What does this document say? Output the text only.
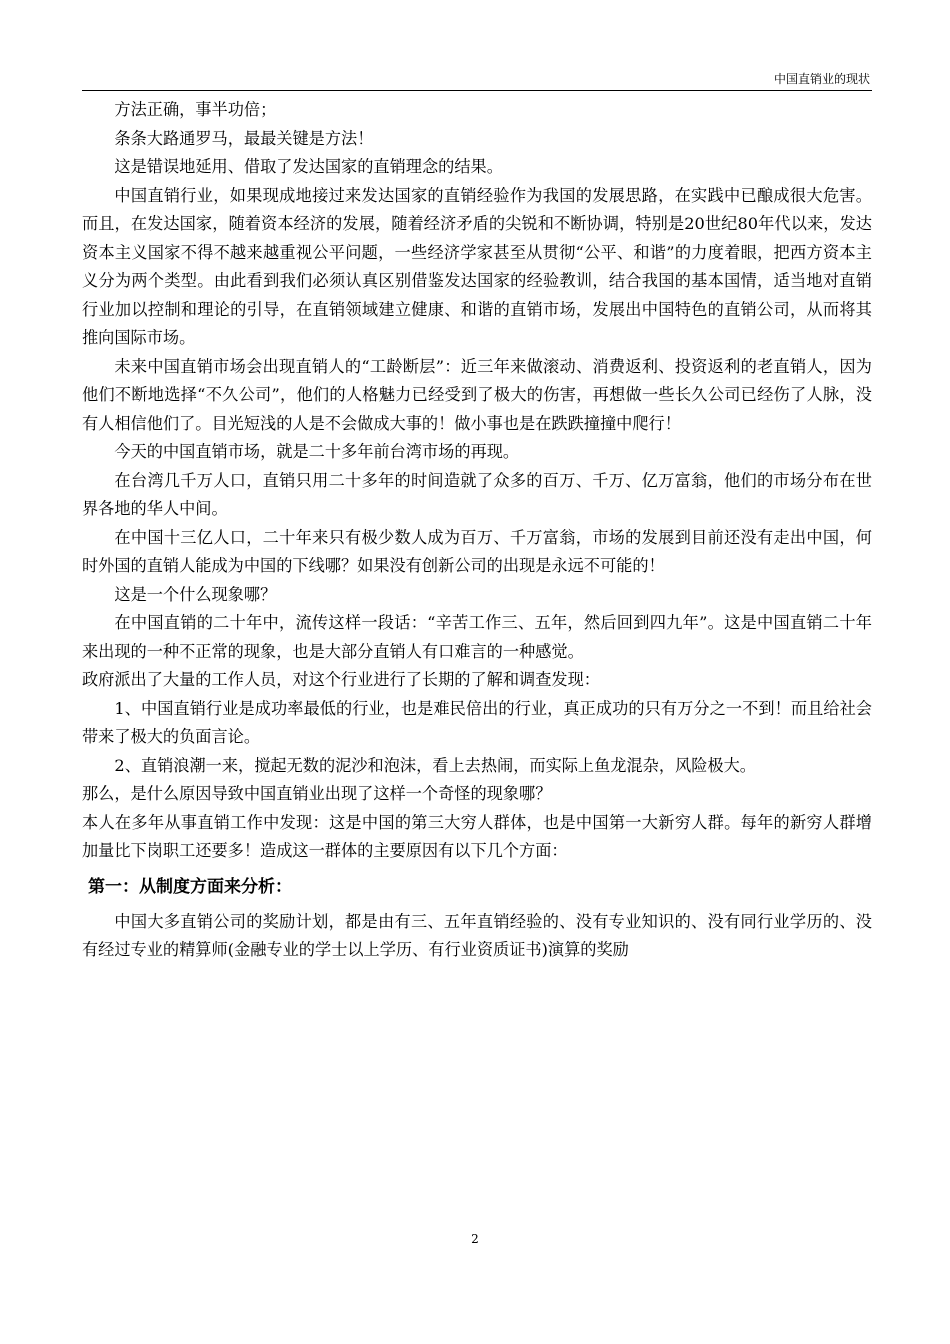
中国直销业的现状

方法正确，事半功倍；

条条大路通罗马，最最关键是方法！

这是错误地延用、借取了发达国家的直销理念的结果。

中国直销行业，如果现成地接过来发达国家的直销经验作为我国的发展思路，在实践中已酿成很大危害。而且，在发达国家，随着资本经济的发展，随着经济矛盾的尖锐和不断协调，特别是20世纪80年代以来，发达资本主义国家不得不越来越重视公平问题，一些经济学家甚至从贯彻“公平、和谐”的力度着眼，把西方资本主义分为两个类型。由此看到我们必须认真区别借鉴发达国家的经验教训，结合我国的基本国情，适当地对直销行业加以控制和理论的引导，在直销领域建立健康、和谐的直销市场，发展出中国特色的直销公司，从而将其推向国际市场。

未来中国直销市场会出现直销人的“工龄断层”：近三年来做滚动、消费返利、投资返利的老直销人，因为他们不断地选择“不久公司”，他们的人格魅力已经受到了极大的伤害，再想做一些长久公司已经伤了人脉，没有人相信他们了。目光短浅的人是不会做成大事的！做小事也是在跌跌撞撞中爬行！

今天的中国直销市场，就是二十多年前台湾市场的再现。

在台湾几千万人口，直销只用二十多年的时间造就了众多的百万、千万、亿万富翁，他们的市场分布在世界各地的华人中间。

在中国十三亿人口，二十年来只有极少数人成为百万、千万富翁，市场的发展到目前还没有走出中国，何时外国的直销人能成为中国的下线哪？如果没有创新公司的出现是永远不可能的！

这是一个什么现象哪？

在中国直销的二十年中，流传这样一段话：“辛苦工作三、五年，然后回到四九年”。这是中国直销二十年来出现的一种不正常的现象，也是大部分直销人有口难言的一种感觉。

政府派出了大量的工作人员，对这个行业进行了长期的了解和调查发现：

1、中国直销行业是成功率最低的行业，也是难民倍出的行业，真正成功的只有万分之一不到！而且给社会带来了极大的负面言论。

2、直销浪潮一来，搅起无数的泥沙和泡沫，看上去热闹，而实际上鱼龙混杂，风险极大。

那么，是什么原因导致中国直销业出现了这样一个奇怪的现象哪？

本人在多年从事直销工作中发现：这是中国的第三大穷人群体，也是中国第一大新穷人群。每年的新穷人群增加量比下岗职工还要多！造成这一群体的主要原因有以下几个方面：

第一：从制度方面来分析：

中国大多直销公司的奖励计划，都是由有三、五年直销经验的、没有专业知识的、没有同行业学历的、没有经过专业的精算师(金融专业的学士以上学历、有行业资质证书)演算的奖励

2
